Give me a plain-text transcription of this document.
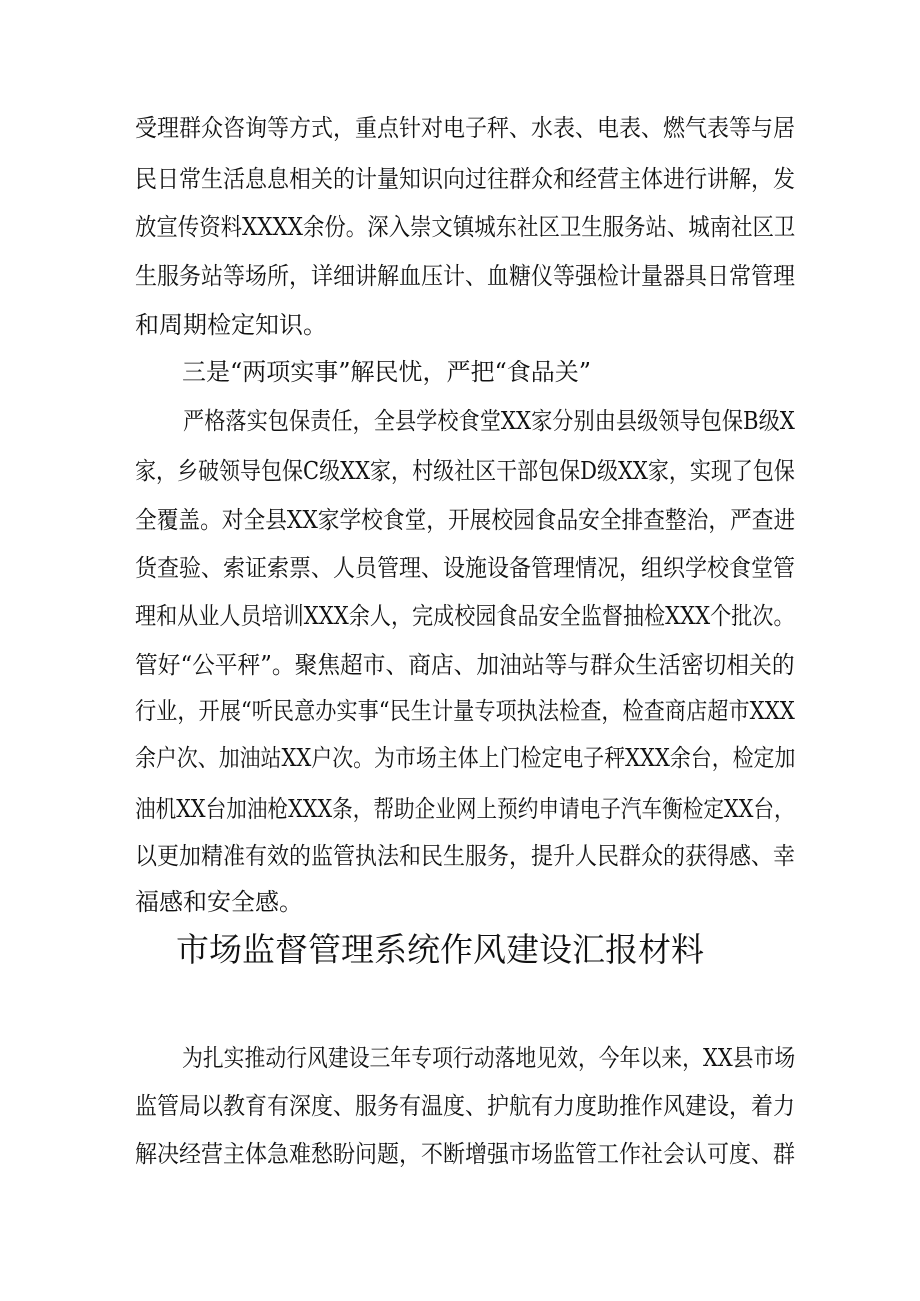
受理群众咨询等方式，重点针对电子秤、水表、电表、燃气表等与居
民日常生活息息相关的计量知识向过往群众和经营主体进行讲解，发
放宣传资料XXXX余份。深入崇文镇城东社区卫生服务站、城南社区卫
生服务站等场所，详细讲解血压计、血糖仪等强检计量器具日常管理
和周期检定知识。
三是“两项实事”解民忧，严把“食品关”
严格落实包保责任，全县学校食堂XX家分别由县级领导包保B级X
家，乡破领导包保C级XX家，村级社区干部包保D级XX家，实现了包保
全覆盖。对全县XX家学校食堂，开展校园食品安全排查整治，严查进
货查验、索证索票、人员管理、设施设备管理情况，组织学校食堂管
理和从业人员培训XXX余人，完成校园食品安全监督抽检XXX个批次。
管好“公平秤”。聚焦超市、商店、加油站等与群众生活密切相关的
行业，开展“听民意办实事“民生计量专项执法检查，检查商店超市XXX
余户次、加油站XX户次。为市场主体上门检定电子秤XXX余台，检定加
油机XX台加油枪XXX条，帮助企业网上预约申请电子汽车衡检定XX台，
以更加精准有效的监管执法和民生服务，提升人民群众的获得感、幸
福感和安全感。
市场监督管理系统作风建设汇报材料
为扎实推动行风建设三年专项行动落地见效，今年以来，XX县市场
监管局以教育有深度、服务有温度、护航有力度助推作风建设，着力
解决经营主体急难愁盼问题，不断增强市场监管工作社会认可度、群
